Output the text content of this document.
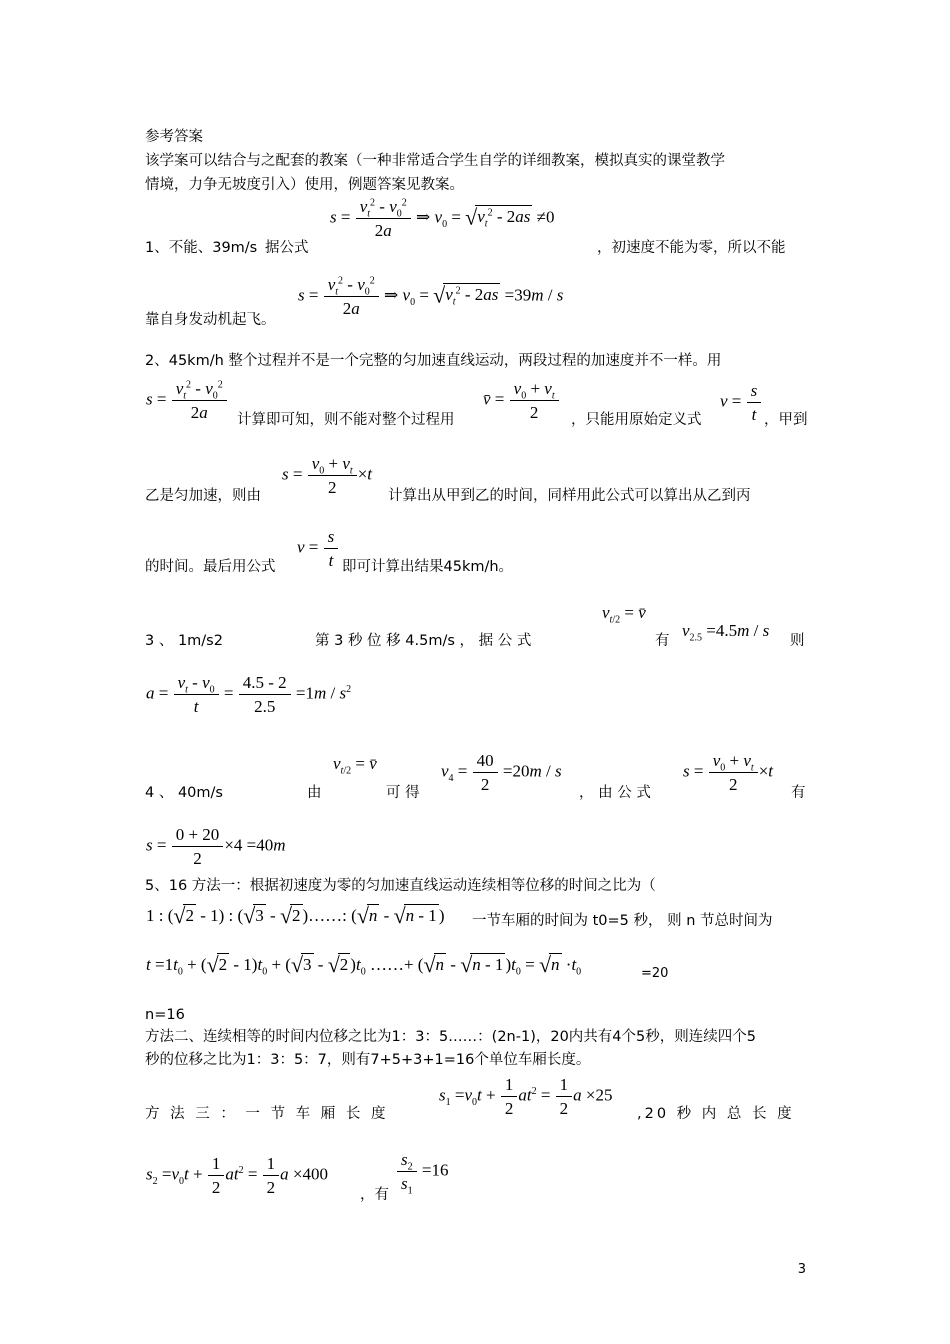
参考答案
该学案可以结合与之配套的教案（一种非常适合学生自学的详细教案，模拟真实的课堂教学
情境，力争无坡度引入）使用，例题答案见教案。
1、不能、39m/s 据公式
$s = \frac{v_t^2 - v_0^2}{2a}$ ⇒ $v_0 = √v_t^2 - 2as \ne 0$
，初速度不能为零，所以不能
$s = \frac{v_t^2 - v_0^2}{2a}$ ⇒ $v_0 = √v_t^2 - 2as =39m / s$
靠自身发动机起飞。
2、45km/h 整个过程并不是一个完整的匀加速直线运动，两段过程的加速度并不一样。用
$s = \frac{v_t^2 - v_0^2}{2a}$ 计算即可知，则不能对整个过程用
v̄ = $\frac{v_0 + v_t}{2}$ ，只能用原始定义式
$v = \frac{s}{t}$ ，甲到
$s = \frac{v_0 + v_t}{2} \times t$
乙是匀加速，则由	计算出从甲到乙的时间，同样用此公式可以算出从乙到丙
$v = \frac{s}{t}$
的时间。最后用公式	即可计算出结果45km/h。
3 、 1m/s2	第 3 秒 位 移 4.5m/s ， 据 公 式
$v_{t/2}$ = v̄
有
$v_{2.5} =4.5m / s$
则
$a = \frac{v_t - v_0}{t} = \frac{4.5 - 2}{2.5} =1m / s^2$
4 、 40m/s	由
$v_{t/2}$ = v̄
可 得
$v_4 = \frac{40}{2} =20m / s$
， 由 公 式
$s = \frac{v_0 + v_t}{2} \times t$
有
$s = \frac{0 + 20}{2} \times 4 =40m$
5、16 方法一：根据初速度为零的匀加速直线运动连续相等位移的时间之比为（
1 : (√2 - 1) : (√3 - √2 )……: (√n - √n - 1 ) 一节车厢的时间为 t0=5 秒， 则 n 节总时间为
$t =1t_0 + (√2 - 1)t_0 + (√3 - √2$ )$t_0$ ……+ (√n - √n - 1 )$t_0 = √n \cdot t_0$	=20
n=16
方法二、连续相等的时间内位移之比为1：3：5……：(2n-1)，20内共有4个5秒，则连续四个5
秒的位移之比为1：3：5：7，则有7+5+3+1=16个单位车厢长度。
方 法 三 ： 一 节 车 厢 长 度
$s_1 =v_0t + \frac{1}{2} at^2 = \frac{1}{2}$ a ×25
,20 秒 内 总 长 度
$s_2 =v_0t + \frac{1}{2} at^2 = \frac{1}{2}$ a ×400
，有
$\frac{s_2}{s_1} =16$
3
